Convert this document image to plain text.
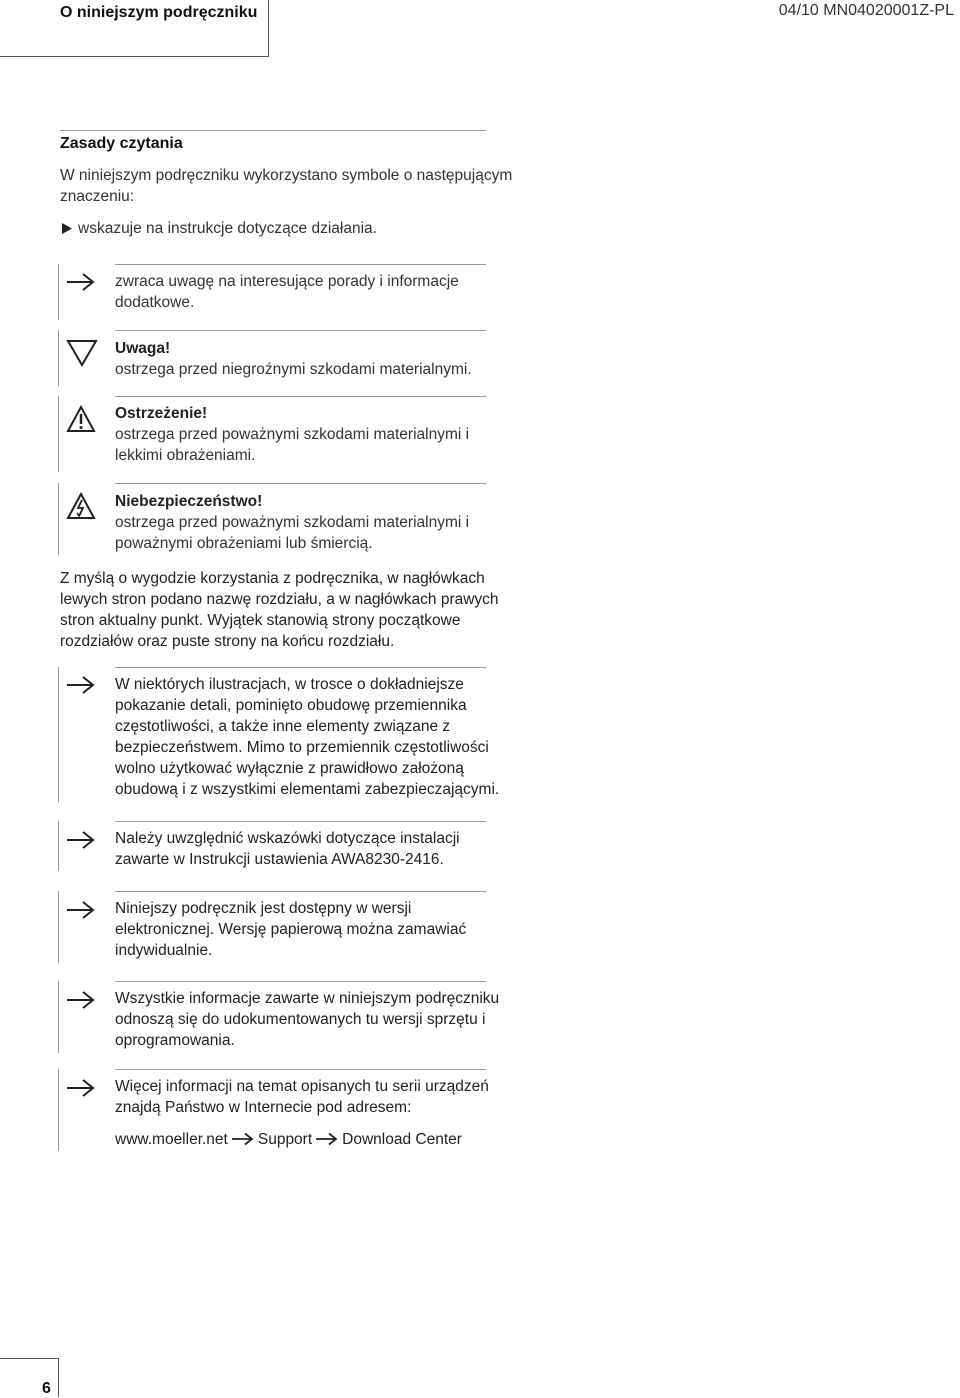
O niniejszym podręczniku	04/10 MN04020001Z-PL
Zasady czytania
W niniejszym podręczniku wykorzystano symbole o następującym
znaczeniu:
wskazuje na instrukcje dotyczące działania.
zwraca uwagę na interesujące porady i informacje
dodatkowe.
Uwaga!
ostrzega przed niegroźnymi szkodami materialnymi.
Ostrzeżenie!
ostrzega przed poważnymi szkodami materialnymi i
lekkimi obrażeniami.
Niebezpieczeństwo!
ostrzega przed poważnymi szkodami materialnymi i
poważnymi obrażeniami lub śmiercią.
Z myślą o wygodzie korzystania z podręcznika, w nagłówkach
lewych stron podano nazwę rozdziału, a w nagłówkach prawych
stron aktualny punkt. Wyjątek stanowią strony początkowe
rozdziałów oraz puste strony na końcu rozdziału.
W niektórych ilustracjach, w trosce o dokładniejsze
pokazanie detali, pominięto obudowę przemiennika
częstotliwości, a także inne elementy związane z
bezpieczeństwem. Mimo to przemiennik częstotliwości
wolno użytkować wyłącznie z prawidłowo założoną
obudową i z wszystkimi elementami zabezpieczającymi.
Należy uwzględnić wskazówki dotyczące instalacji
zawarte w Instrukcji ustawienia AWA8230-2416.
Niniejszy podręcznik jest dostępny w wersji
elektronicznej. Wersję papierową można zamawiać
indywidualnie.
Wszystkie informacje zawarte w niniejszym podręczniku
odnoszą się do udokumentowanych tu wersji sprzętu i
oprogramowania.
Więcej informacji na temat opisanych tu serii urządzeń
znajdą Państwo w Internecie pod adresem:
www.moeller.net Support Download Center
6
